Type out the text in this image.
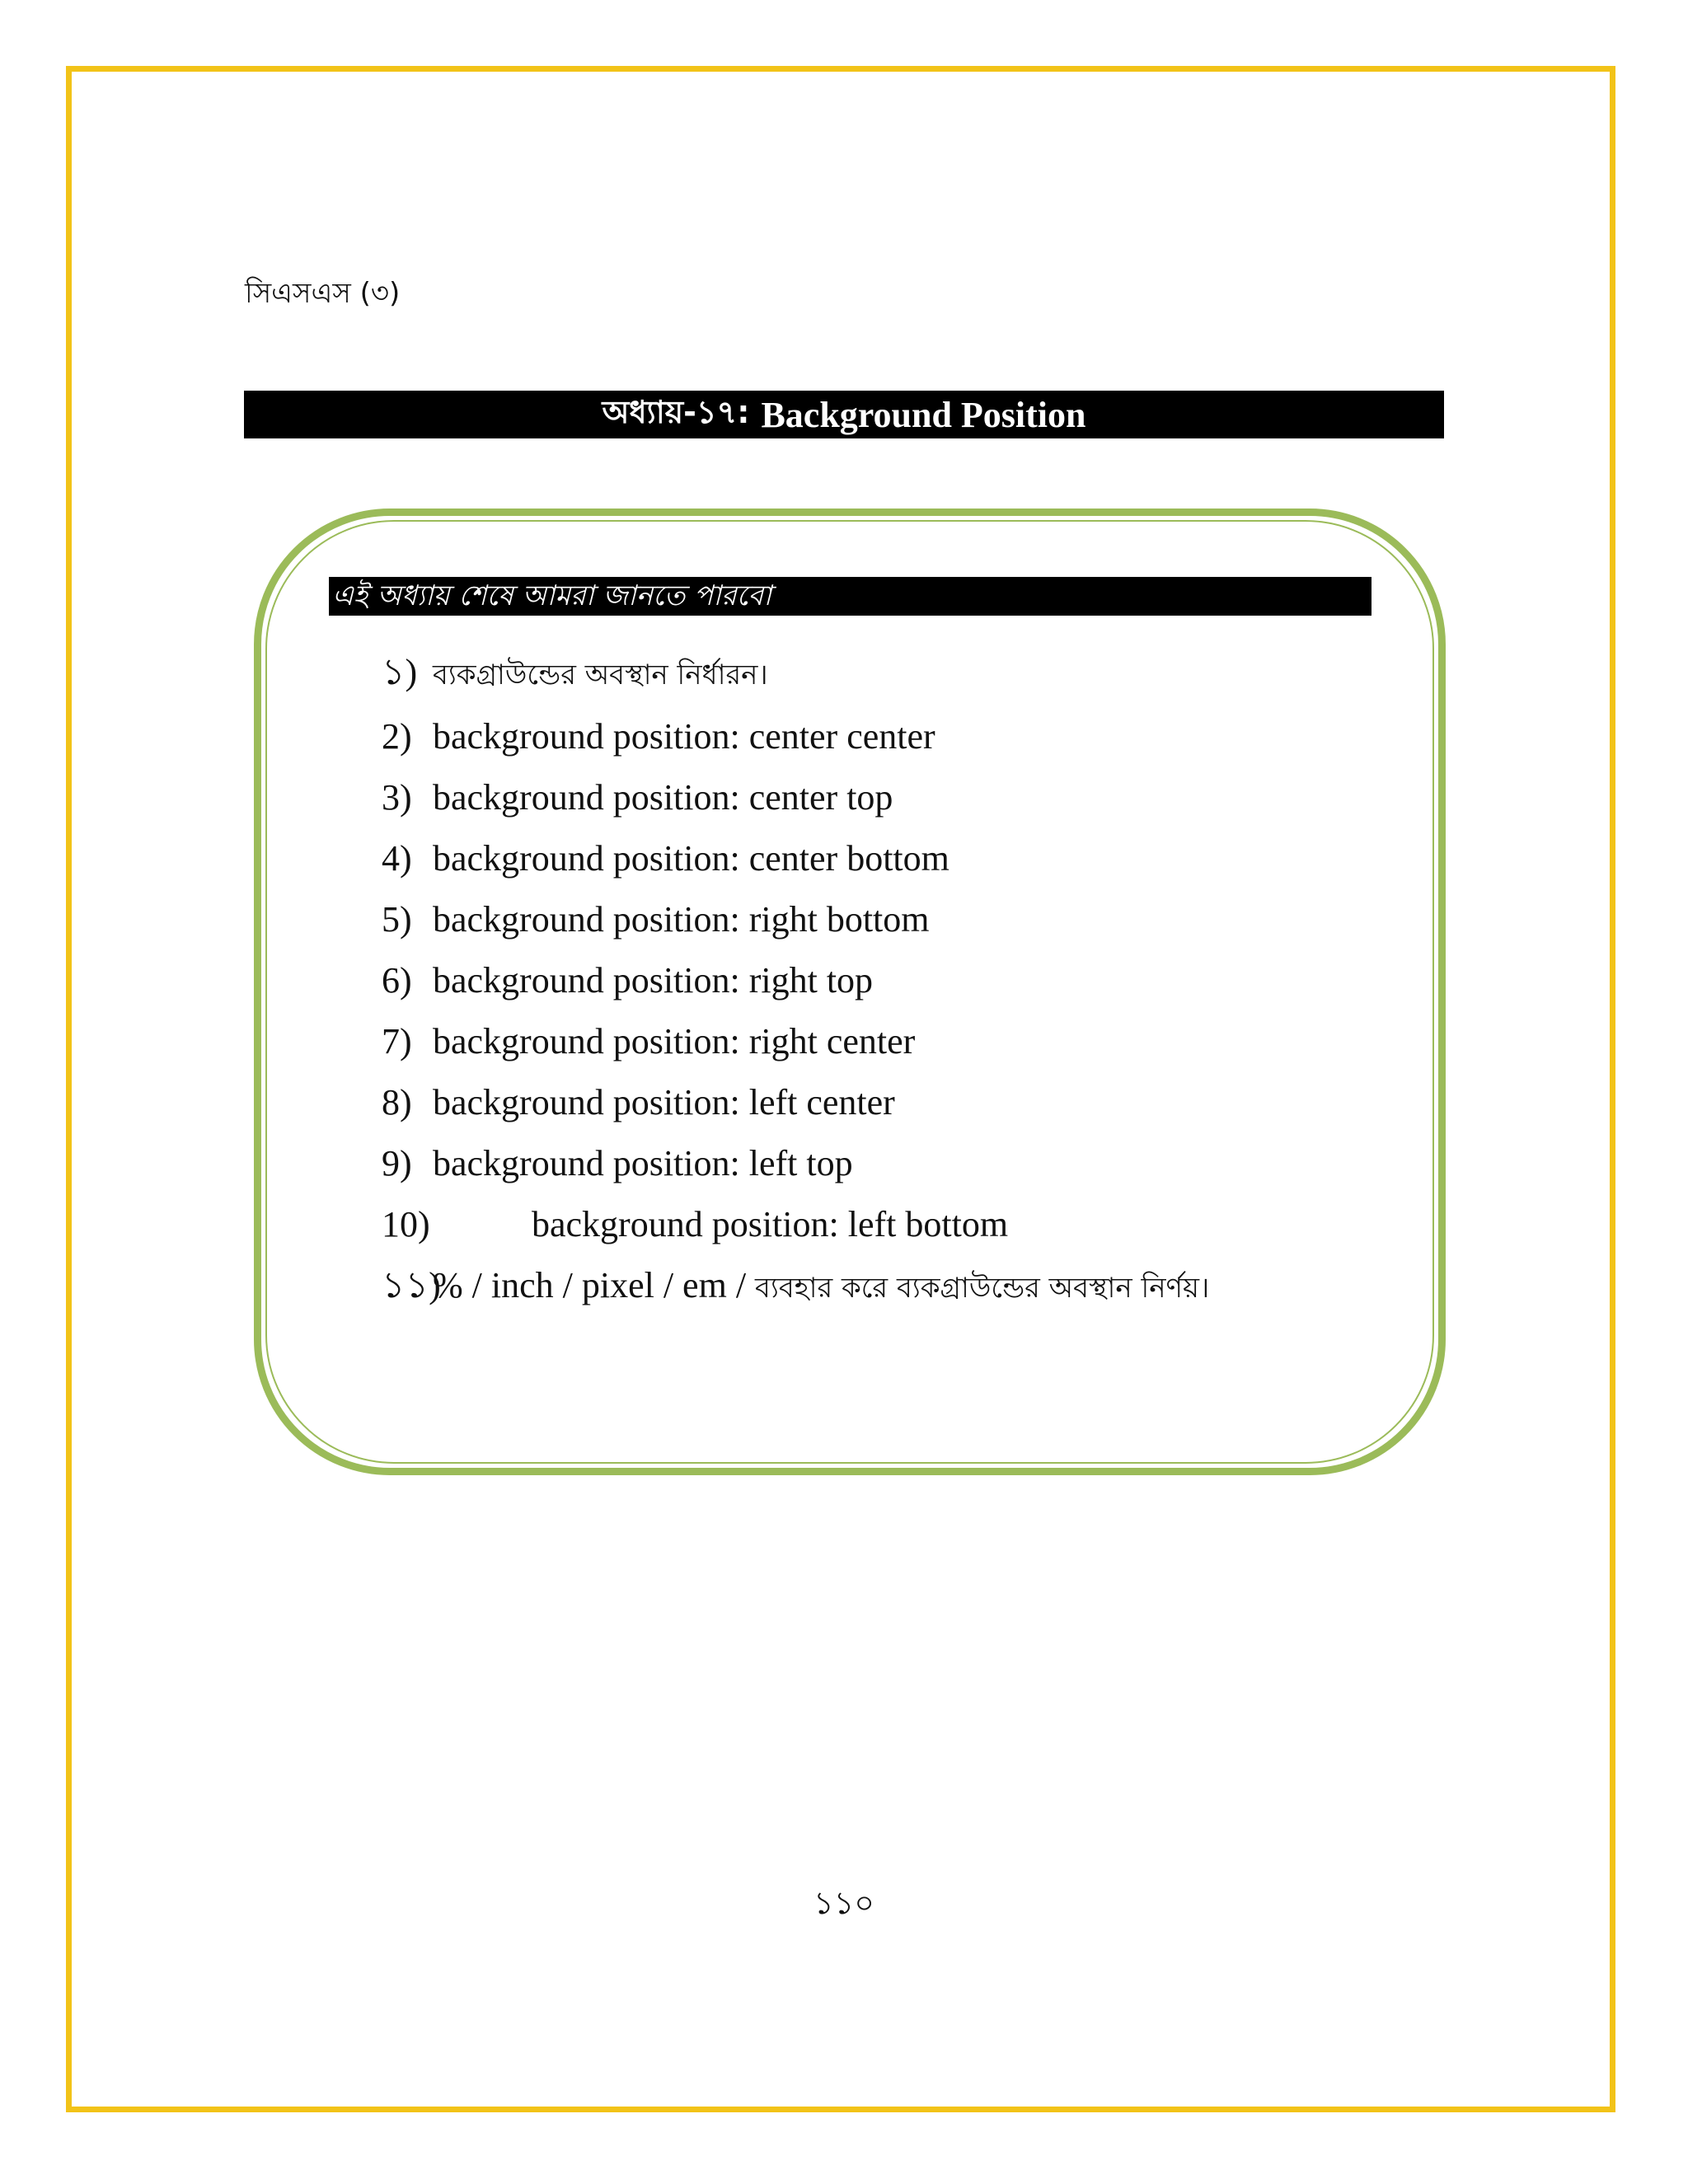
সিএসএস (৩)
অধ্যায়-১৭: Background Position
এই অধ্যায় শেষে আমরা জানতে পারবো
১) ব্যকগ্রাউন্ডের অবস্থান নির্ধারন।
2) background position: center center
3) background position: center top
4) background position: center bottom
5) background position: right bottom
6) background position: right top
7) background position: right center
8) background position: left center
9) background position: left top
10)	background position: left bottom
১১)% / inch / pixel / em / ব্যবহার করে ব্যকগ্রাউন্ডের অবস্থান নির্ণয়।
১১০
